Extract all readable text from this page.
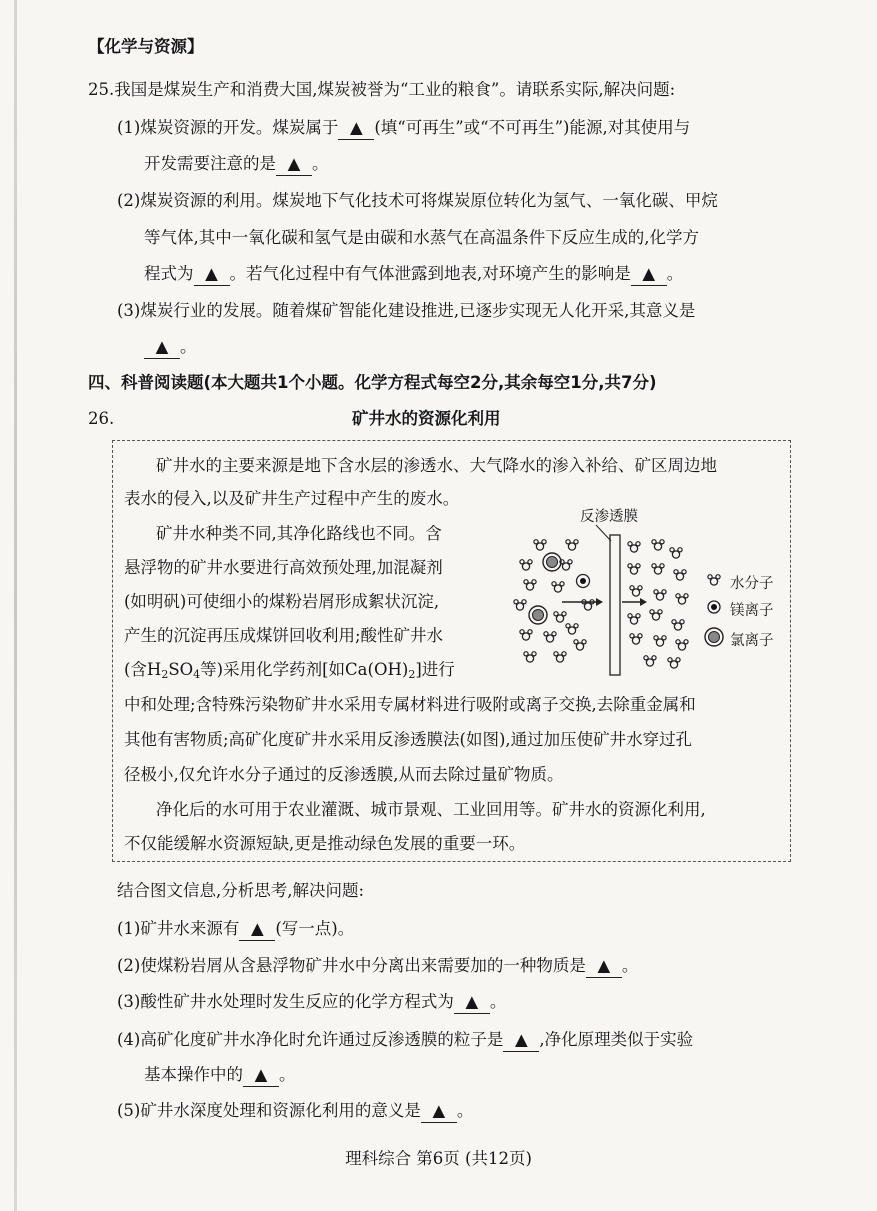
【化学与资源】
25.我国是煤炭生产和消费大国,煤炭被誉为“工业的粮食”。请联系实际,解决问题:
(1)煤炭资源的开发。煤炭属于 ▲ (填“可再生”或“不可再生”)能源,对其使用与
开发需要注意的是 ▲ 。
(2)煤炭资源的利用。煤炭地下气化技术可将煤炭原位转化为氢气、一氧化碳、甲烷
等气体,其中一氧化碳和氢气是由碳和水蒸气在高温条件下反应生成的,化学方
程式为 ▲ 。若气化过程中有气体泄露到地表,对环境产生的影响是 ▲ 。
(3)煤炭行业的发展。随着煤矿智能化建设推进,已逐步实现无人化开采,其意义是
▲ 。
四、科普阅读题(本大题共1个小题。化学方程式每空2分,其余每空1分,共7分)
26.	矿井水的资源化利用
矿井水的主要来源是地下含水层的渗透水、大气降水的渗入补给、矿区周边地
表水的侵入,以及矿井生产过程中产生的废水。
矿井水种类不同,其净化路线也不同。含
悬浮物的矿井水要进行高效预处理,加混凝剂
(如明矾)可使细小的煤粉岩屑形成絮状沉淀,
产生的沉淀再压成煤饼回收利用;酸性矿井水
(含$H_2SO_4$等)采用化学药剂[如$Ca(OH)_2$]进行
中和处理;含特殊污染物矿井水采用专属材料进行吸附或离子交换,去除重金属和
其他有害物质;高矿化度矿井水采用反渗透膜法(如图),通过加压使矿井水穿过孔
径极小,仅允许水分子通过的反渗透膜,从而去除过量矿物质。
净化后的水可用于农业灌溉、城市景观、工业回用等。矿井水的资源化利用,
不仅能缓解水资源短缺,更是推动绿色发展的重要一环。
反渗透膜
水分子
镁离子
氯离子
结合图文信息,分析思考,解决问题:
(1)矿井水来源有 ▲ (写一点)。
(2)使煤粉岩屑从含悬浮物矿井水中分离出来需要加的一种物质是 ▲ 。
(3)酸性矿井水处理时发生反应的化学方程式为 ▲ 。
(4)高矿化度矿井水净化时允许通过反渗透膜的粒子是 ▲ ,净化原理类似于实验
基本操作中的 ▲ 。
(5)矿井水深度处理和资源化利用的意义是 ▲ 。
理科综合 第6页 (共12页)
